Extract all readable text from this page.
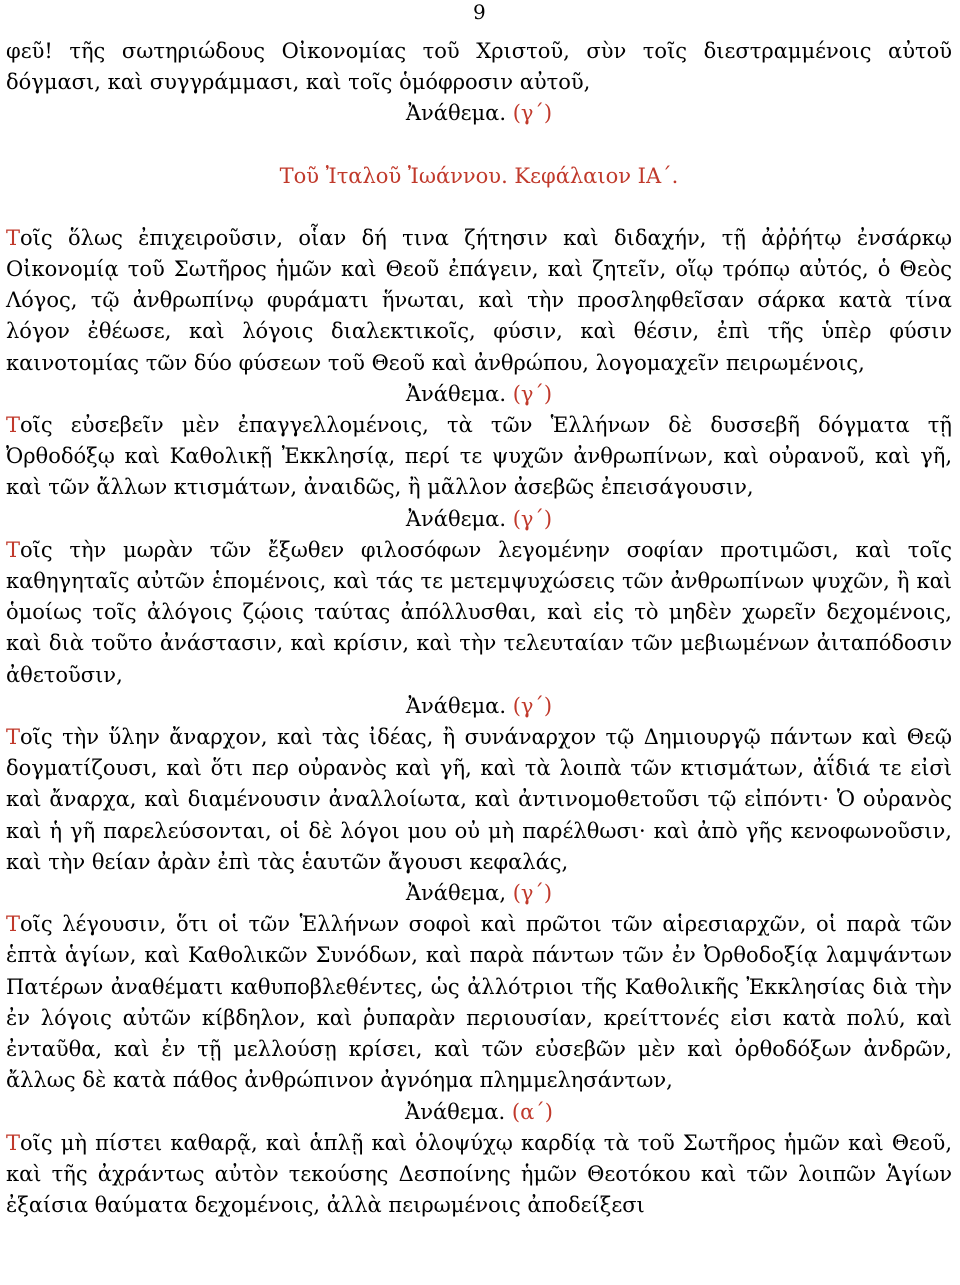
9

φεῦ! τῆς σωτηριώδους Οἰκονομίας τοῦ Χριστοῦ, σὺν τοῖς διεστραμμένοις αὐτοῦ δόγμασι, καὶ συγγράμμασι, καὶ τοῖς ὁμόφροσιν αὐτοῦ,

Ἀνάθεμα. (γ΄)

Τοῦ Ἰταλοῦ Ἰωάννου. Κεφάλαιον ΙΑ΄.

Τοῖς ὅλως ἐπιχειροῦσιν, οἷαν δή τινα ζήτησιν καὶ διδαχήν, τῇ ἀῤῥήτῳ ἐνσάρκῳ Οἰκονομίᾳ τοῦ Σωτῆρος ἡμῶν καὶ Θεοῦ ἐπάγειν, καὶ ζητεῖν, οἵῳ τρόπῳ αὐτός, ὁ Θεὸς Λόγος, τῷ ἀνθρωπίνῳ φυράματι ἥνωται, καὶ τὴν προσληφθεῖσαν σάρκα κατὰ τίνα λόγον ἐθέωσε, καὶ λόγοις διαλεκτικοῖς, φύσιν, καὶ θέσιν, ἐπὶ τῆς ὑπὲρ φύσιν καινοτομίας τῶν δύο φύσεων τοῦ Θεοῦ καὶ ἀνθρώπου, λογομαχεῖν πειρωμένοις,

Ἀνάθεμα. (γ΄)

Τοῖς εὐσεβεῖν μὲν ἐπαγγελλομένοις, τὰ τῶν Ἑλλήνων δὲ δυσσεβῆ δόγματα τῇ Ὀρθοδόξῳ καὶ Καθολικῇ Ἐκκλησίᾳ, περί τε ψυχῶν ἀνθρωπίνων, καὶ οὐρανοῦ, καὶ γῆ, καὶ τῶν ἄλλων κτισμάτων, ἀναιδῶς, ἢ μᾶλλον ἀσεβῶς ἐπεισάγουσιν,

Ἀνάθεμα. (γ΄)

Τοῖς τὴν μωρὰν τῶν ἔξωθεν φιλοσόφων λεγομένην σοφίαν προτιμῶσι, καὶ τοῖς καθηγηταῖς αὐτῶν ἑπομένοις, καὶ τάς τε μετεμψυχώσεις τῶν ἀνθρωπίνων ψυχῶν, ἢ καὶ ὁμοίως τοῖς ἀλόγοις ζῴοις ταύτας ἀπόλλυσθαι, καὶ εἰς τὸ μηδὲν χωρεῖν δεχομένοις, καὶ διὰ τοῦτο ἀνάστασιν, καὶ κρίσιν, καὶ τὴν τελευταίαν τῶν μεβιωμένων ἀιταπόδοσιν ἀθετοῦσιν,

Ἀνάθεμα. (γ΄)

Τοῖς τὴν ὕλην ἄναρχον, καὶ τὰς ἰδέας, ἢ συνάναρχον τῷ Δημιουργῷ πάντων καὶ Θεῷ δογματίζουσι, καὶ ὅτι περ οὐρανὸς καὶ γῆ, καὶ τὰ λοιπὰ τῶν κτισμάτων, ἀΐδιά τε εἰσὶ καὶ ἄναρχα, καὶ διαμένουσιν ἀναλλοίωτα, καὶ ἀντινομοθετοῦσι τῷ εἰπόντι· Ὁ οὐρανὸς καὶ ἡ γῆ παρελεύσονται, οἱ δὲ λόγοι μου οὐ μὴ παρέλθωσι· καὶ ἀπὸ γῆς κενοφωνοῦσιν, καὶ τὴν θείαν ἀρὰν ἐπὶ τὰς ἑαυτῶν ἄγουσι κεφαλάς,

Ἀνάθεμα, (γ΄)

Τοῖς λέγουσιν, ὅτι οἱ τῶν Ἑλλήνων σοφοὶ καὶ πρῶτοι τῶν αἱρεσιαρχῶν, οἱ παρὰ τῶν ἑπτὰ ἁγίων, καὶ Καθολικῶν Συνόδων, καὶ παρὰ πάντων τῶν ἐν Ὀρθοδοξίᾳ λαμψάντων Πατέρων ἀναθέματι καθυποβλεθέντες, ὡς ἀλλότριοι τῆς Καθολικῆς Ἐκκλησίας διὰ τὴν ἐν λόγοις αὐτῶν κίβδηλον, καὶ ῥυπαρὰν περιουσίαν, κρείττονές εἰσι κατὰ πολύ, καὶ ἐνταῦθα, καὶ ἐν τῇ μελλούσῃ κρίσει, καὶ τῶν εὐσεβῶν μὲν καὶ ὀρθοδόξων ἀνδρῶν, ἄλλως δὲ κατὰ πάθος ἀνθρώπινον ἀγνόημα πλημμελησάντων,

Ἀνάθεμα. (α΄)

Τοῖς μὴ πίστει καθαρᾷ, καὶ ἁπλῇ καὶ ὁλοψύχῳ καρδίᾳ τὰ τοῦ Σωτῆρος ἡμῶν καὶ Θεοῦ, καὶ τῆς ἀχράντως αὐτὸν τεκούσης Δεσποίνης ἡμῶν Θεοτόκου καὶ τῶν λοιπῶν Ἁγίων ἐξαίσια θαύματα δεχομένοις, ἀλλὰ πειρωμένοις ἀποδείξεσι
